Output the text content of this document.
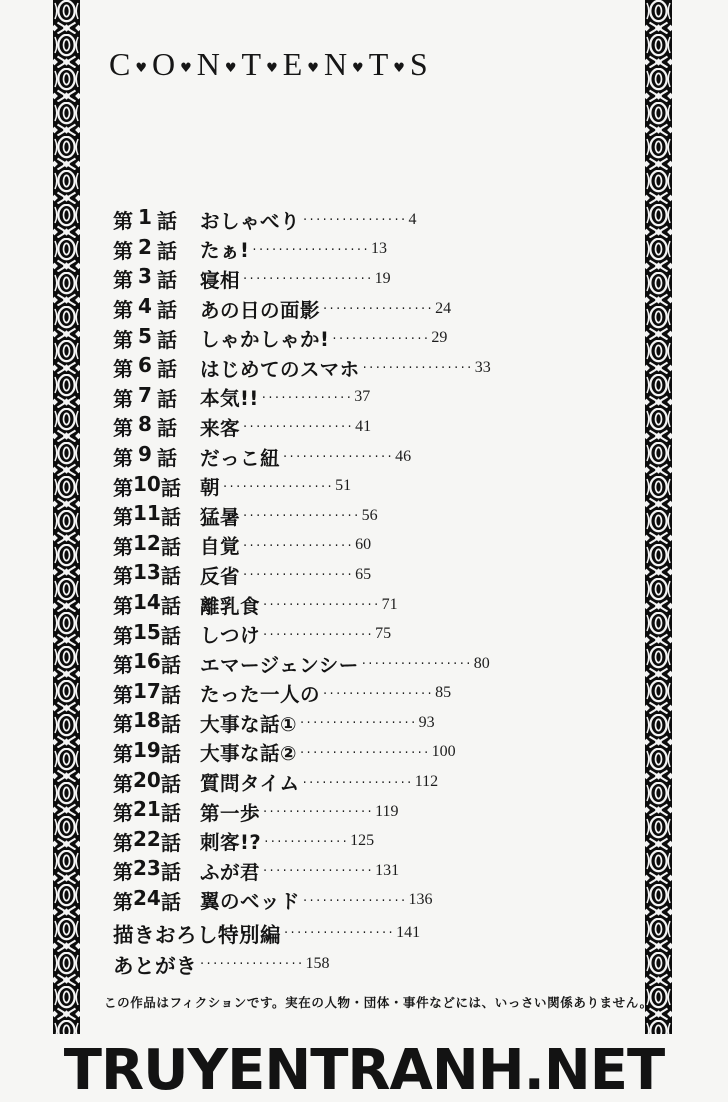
C ♥ O ♥ N ♥ T ♥ E ♥ N ♥ T ♥ S
第 1 話 おしゃべり ················ 4
第 2 話 たぁ! ·················· 13
第 3 話 寝相 ···················· 19
第 4 話 あの日の面影 ················· 24
第 5 話 しゃかしゃか! ··············· 29
第 6 話 はじめてのスマホ ················· 33
第 7 話 本気!! ·············· 37
第 8 話 来客 ················· 41
第 9 話 だっこ紐 ················· 46
第 10 話 朝 ················· 51
第 11 話 猛暑 ·················· 56
第 12 話 自覚 ················· 60
第 13 話 反省 ················· 65
第 14 話 離乳食 ·················· 71
第 15 話 しつけ ················· 75
第 16 話 エマージェンシー ················· 80
第 17 話 たった一人の ················· 85
第 18 話 大事な話① ·················· 93
第 19 話 大事な話② ···················· 100
第 20 話 質問タイム ················· 112
第 21 話 第一歩 ················· 119
第 22 話 刺客!? ············· 125
第 23 話 ふが君 ················· 131
第 24 話 翼のベッド ················ 136
描きおろし特別編 ················· 141
あとがき ················ 158
この作品はフィクションです。実在の人物・団体・事件などには、いっさい関係ありません。
TRUYENTRANH.NET
